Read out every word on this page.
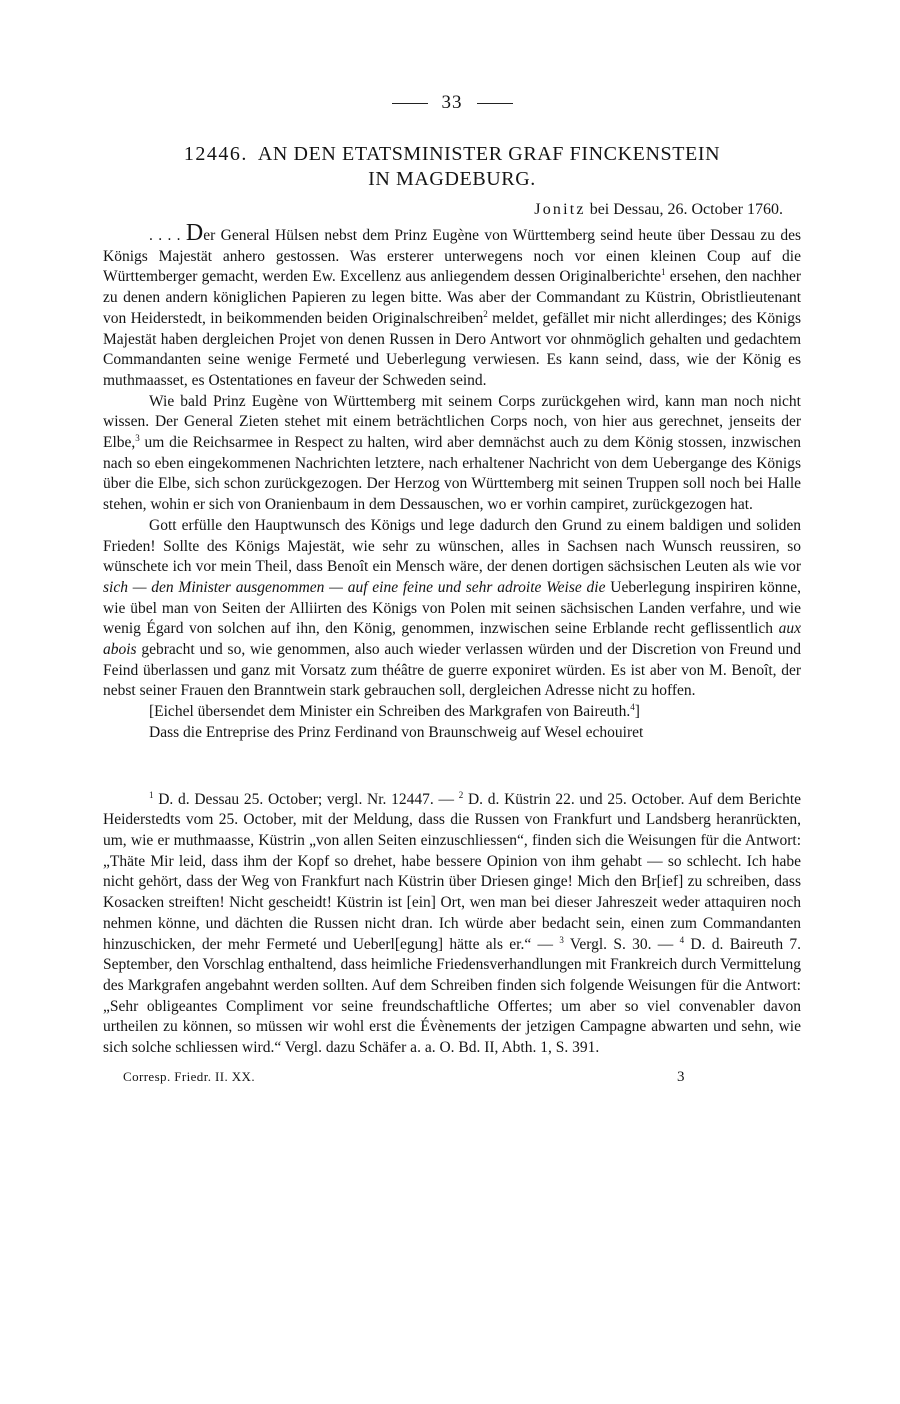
33
12446. AN DEN ETATSMINISTER GRAF FINCKENSTEIN
IN MAGDEBURG.
Jonitz bei Dessau, 26. October 1760.

. . . . Der General Hülsen nebst dem Prinz Eugène von Württemberg seind heute über Dessau zu des Königs Majestät anhero gestossen. Was ersterer unterwegens noch vor einen kleinen Coup auf die Württemberger gemacht, werden Ew. Excellenz aus anliegendem dessen Originalberichte$^1$ ersehen, den nachher zu denen andern königlichen Papieren zu legen bitte. Was aber der Commandant zu Küstrin, Obristlieutenant von Heiderstedt, in beikommenden beiden Originalschreiben$^2$ meldet, gefället mir nicht allerdinges; des Königs Majestät haben dergleichen Projet von denen Russen in Dero Antwort vor ohnmöglich gehalten und gedachtem Commandanten seine wenige Fermeté und Ueberlegung verwiesen. Es kann seind, dass, wie der König es muthmaasset, es Ostentationes en faveur der Schweden seind.

Wie bald Prinz Eugène von Württemberg mit seinem Corps zurückgehen wird, kann man noch nicht wissen. Der General Zieten stehet mit einem beträchtlichen Corps noch, von hier aus gerechnet, jenseits der Elbe,$^3$ um die Reichsarmee in Respect zu halten, wird aber demnächst auch zu dem König stossen, inzwischen nach so eben eingekommenen Nachrichten letztere, nach erhaltener Nachricht von dem Uebergange des Königs über die Elbe, sich schon zurückgezogen. Der Herzog von Württemberg mit seinen Truppen soll noch bei Halle stehen, wohin er sich von Oranienbaum in dem Dessauschen, wo er vorhin campiret, zurückgezogen hat.

Gott erfülle den Hauptwunsch des Königs und lege dadurch den Grund zu einem baldigen und soliden Frieden! Sollte des Königs Majestät, wie sehr zu wünschen, alles in Sachsen nach Wunsch reussiren, so wünschete ich vor mein Theil, dass Benoît ein Mensch wäre, der denen dortigen sächsischen Leuten als wie vor sich — den Minister ausgenommen — auf eine feine und sehr adroite Weise die Ueberlegung inspiriren könne, wie übel man von Seiten der Alliirten des Königs von Polen mit seinen sächsischen Landen verfahre, und wie wenig Égard von solchen auf ihn, den König, genommen, inzwischen seine Erblande recht geflissentlich aux abois gebracht und so, wie genommen, also auch wieder verlassen würden und der Discretion von Freund und Feind überlassen und ganz mit Vorsatz zum théâtre de guerre exponiret würden. Es ist aber von M. Benoît, der nebst seiner Frauen den Branntwein stark gebrauchen soll, dergleichen Adresse nicht zu hoffen.

[Eichel übersendet dem Minister ein Schreiben des Markgrafen von Baireuth.$^4$]

Dass die Entreprise des Prinz Ferdinand von Braunschweig auf Wesel echouiret

$^1$ D. d. Dessau 25. October; vergl. Nr. 12447. — $^2$ D. d. Küstrin 22. und 25. October. Auf dem Berichte Heiderstedts vom 25. October, mit der Meldung, dass die Russen von Frankfurt und Landsberg heranrückten, um, wie er muthmaasse, Küstrin „von allen Seiten einzuschliessen“, finden sich die Weisungen für die Antwort: „Thäte Mir leid, dass ihm der Kopf so drehet, habe bessere Opinion von ihm gehabt — so schlecht. Ich habe nicht gehört, dass der Weg von Frankfurt nach Küstrin über Driesen ginge! Mich den Br[ief] zu schreiben, dass Kosacken streiften! Nicht gescheidt! Küstrin ist [ein] Ort, wen man bei dieser Jahreszeit weder attaquiren noch nehmen könne, und dächten die Russen nicht dran. Ich würde aber bedacht sein, einen zum Commandanten hinzuschicken, der mehr Fermeté und Ueberl[egung] hätte als er.“ — $^3$ Vergl. S. 30. — $^4$ D. d. Baireuth 7. September, den Vorschlag enthaltend, dass heimliche Friedensverhandlungen mit Frankreich durch Vermittelung des Markgrafen angebahnt werden sollten. Auf dem Schreiben finden sich folgende Weisungen für die Antwort: „Sehr obligeantes Compliment vor seine freundschaftliche Offertes; um aber so viel convenabler davon urtheilen zu können, so müssen wir wohl erst die Évènements der jetzigen Campagne abwarten und sehn, wie sich solche schliessen wird.“ Vergl. dazu Schäfer a. a. O. Bd. II, Abth. 1, S. 391.

Corresp. Friedr. II. XX.	3
